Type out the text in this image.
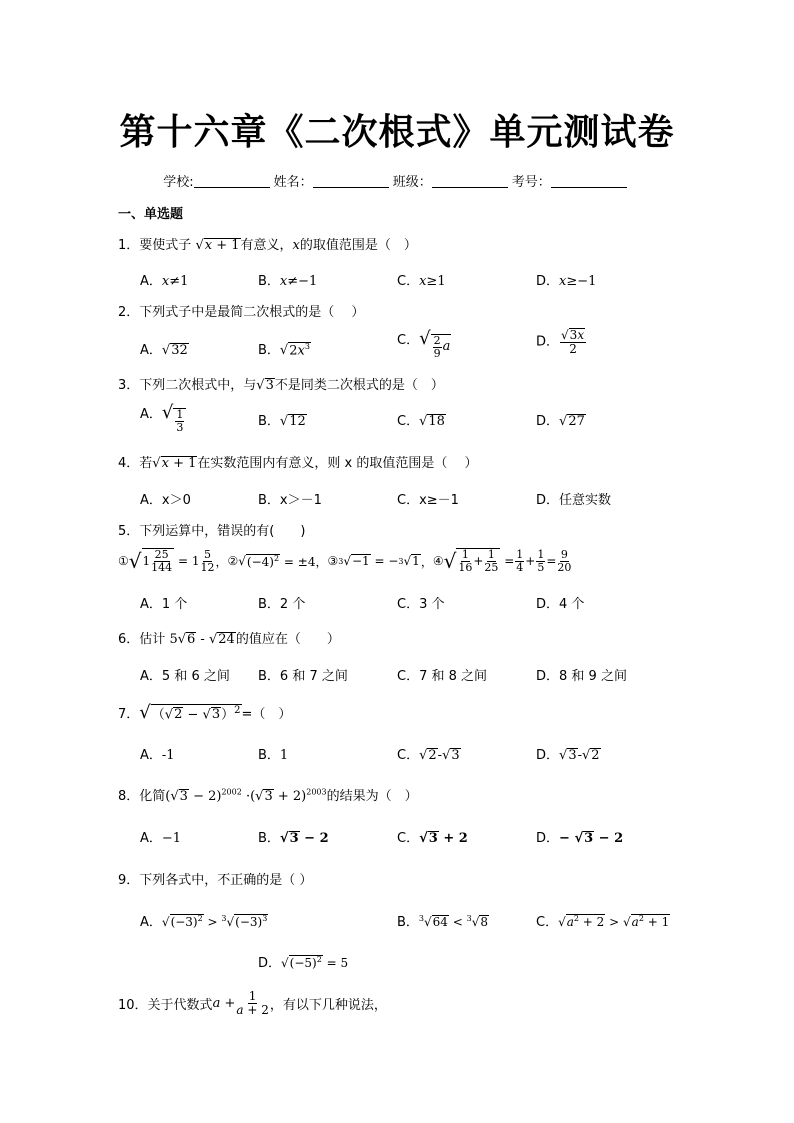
第十六章《二次根式》单元测试卷
学校:	姓名：	班级：	考号：
一、单选题
1．要使式子 √x + 1有意义，x的取值范围是（　）
A．x≠1	B．x≠−1	C．x≥1	D．x≥−1
2．下列式子中是最简二次根式的是（　 ）
A．√32	B．$√2x^3$	C．√ $\frac{2}{9}$ a	D． $\frac{√3x}{2}$
3．下列二次根式中，与√3不是同类二次根式的是（　）
A．√ $\frac{1}{3}$	B．√12	C．√18	D．√27
4．若√x + 1在实数范围内有意义，则 x 的取值范围是（　 ）
A．x＞0	B．x＞－1	C．x≥－1	D．任意实数
5．下列运算中，错误的有(　　)
① √ $1 \frac{25}{144} = 1 \frac{5}{12}$ ， ② √ $(-4)^2 = \pm 4$， ③ 3 √ −1 = − 3 √ 1 ， ④ √ $\frac{1}{16} + \frac{1}{25} = \frac{1}{4} + \frac{1}{5} = \frac{9}{20}$
A．1 个	B．2 个	C．3 个	D．4 个
6．估计 5√6 - √24的值应在（　　）
A．5 和 6 之间 B．6 和 7 之间	C．7 和 8 之间	D．8 和 9 之间
7．$√(√2 - √3)^2=$（　）
A．-1	B．1	C．√2-√3	D．√3-√2
8．化简$(√3 - 2)^{2002} \cdot(√3 + 2)^{2003}$的结果为（　）
A．−1	B．√3 − 2	C．√3 + 2	D．− √3 − 2
9．下列各式中，不正确的是（ ）
A．$√(-3)^2 > ^3√(-3)^3$	B．$^3$√64 < $^3$√8	C．$√a^2 + 2 > √a^2 + 1$
D．$√(-5)^2 = 5$
10． 关于代数式 $a + \frac{1}{a + 2}$ ，有以下几种说法，
